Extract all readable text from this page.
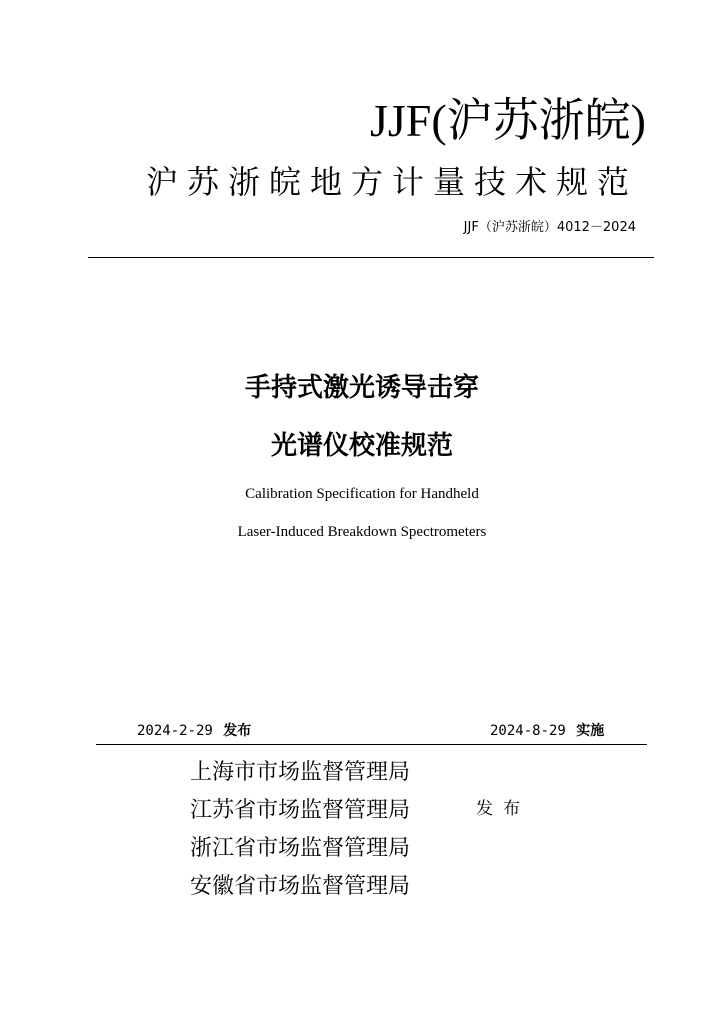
JJF(沪苏浙皖)
沪苏浙皖地方计量技术规范
JJF（沪苏浙皖）4012－2024
手持式激光诱导击穿
光谱仪校准规范
Calibration Specification for Handheld
Laser-Induced Breakdown Spectrometers
2024-2-29 发布	2024-8-29 实施
上海市市场监督管理局
江苏省市场监督管理局
浙江省市场监督管理局
安徽省市场监督管理局
发布
